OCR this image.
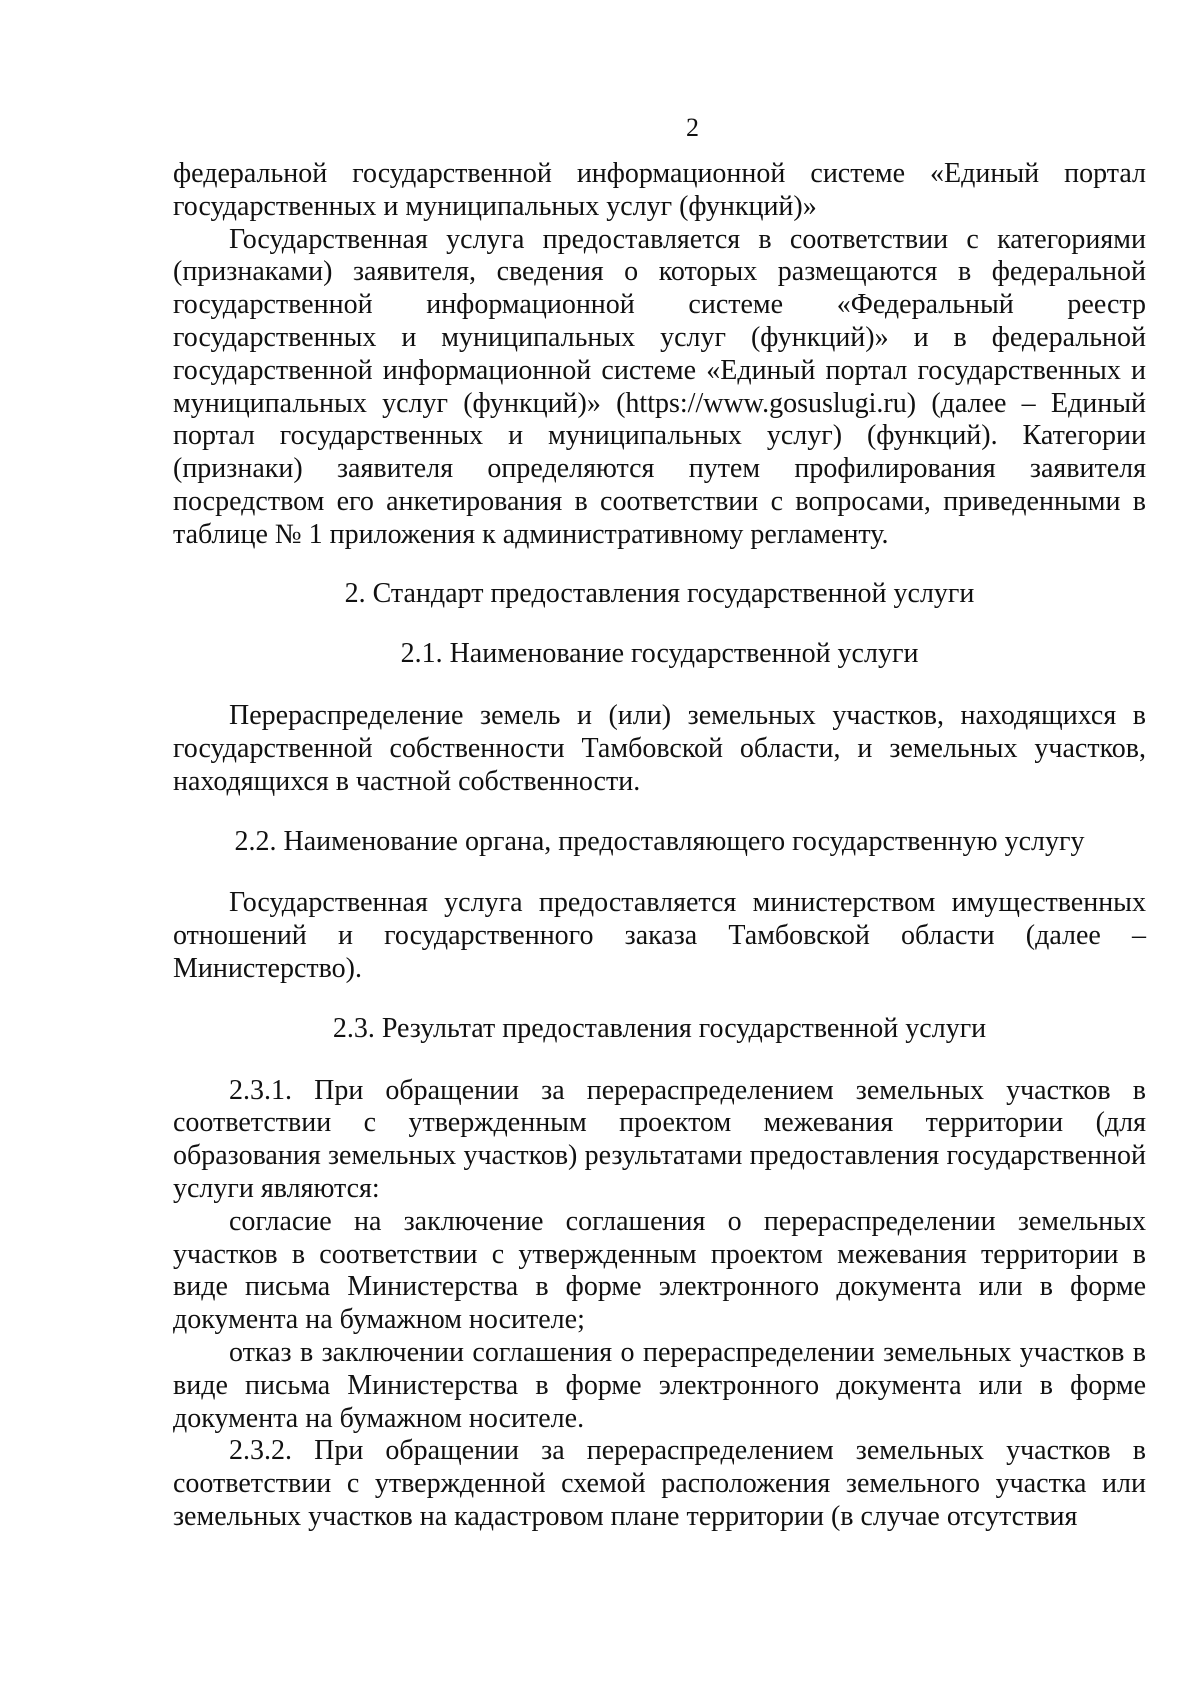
2

федеральной государственной информационной системе «Единый портал государственных и муниципальных услуг (функций)»

Государственная услуга предоставляется в соответствии с категориями (признаками) заявителя, сведения о которых размещаются в федеральной государственной информационной системе «Федеральный реестр государственных и муниципальных услуг (функций)» и в федеральной государственной информационной системе «Единый портал государственных и муниципальных услуг (функций)» (https://www.gosuslugi.ru) (далее – Единый портал государственных и муниципальных услуг) (функций). Категории (признаки) заявителя определяются путем профилирования заявителя посредством его анкетирования в соответствии с вопросами, приведенными в таблице № 1 приложения к административному регламенту.

2. Стандарт предоставления государственной услуги

2.1. Наименование государственной услуги

Перераспределение земель и (или) земельных участков, находящихся в государственной собственности Тамбовской области, и земельных участков, находящихся в частной собственности.

2.2. Наименование органа, предоставляющего государственную услугу

Государственная услуга предоставляется министерством имущественных отношений и государственного заказа Тамбовской области (далее – Министерство).

2.3. Результат предоставления государственной услуги

2.3.1. При обращении за перераспределением земельных участков в соответствии с утвержденным проектом межевания территории (для образования земельных участков) результатами предоставления государственной услуги являются:

согласие на заключение соглашения о перераспределении земельных участков в соответствии с утвержденным проектом межевания территории в виде письма Министерства в форме электронного документа или в форме документа на бумажном носителе;

отказ в заключении соглашения о перераспределении земельных участков в виде письма Министерства в форме электронного документа или в форме документа на бумажном носителе.

2.3.2. При обращении за перераспределением земельных участков в соответствии с утвержденной схемой расположения земельного участка или земельных участков на кадастровом плане территории (в случае отсутствия
